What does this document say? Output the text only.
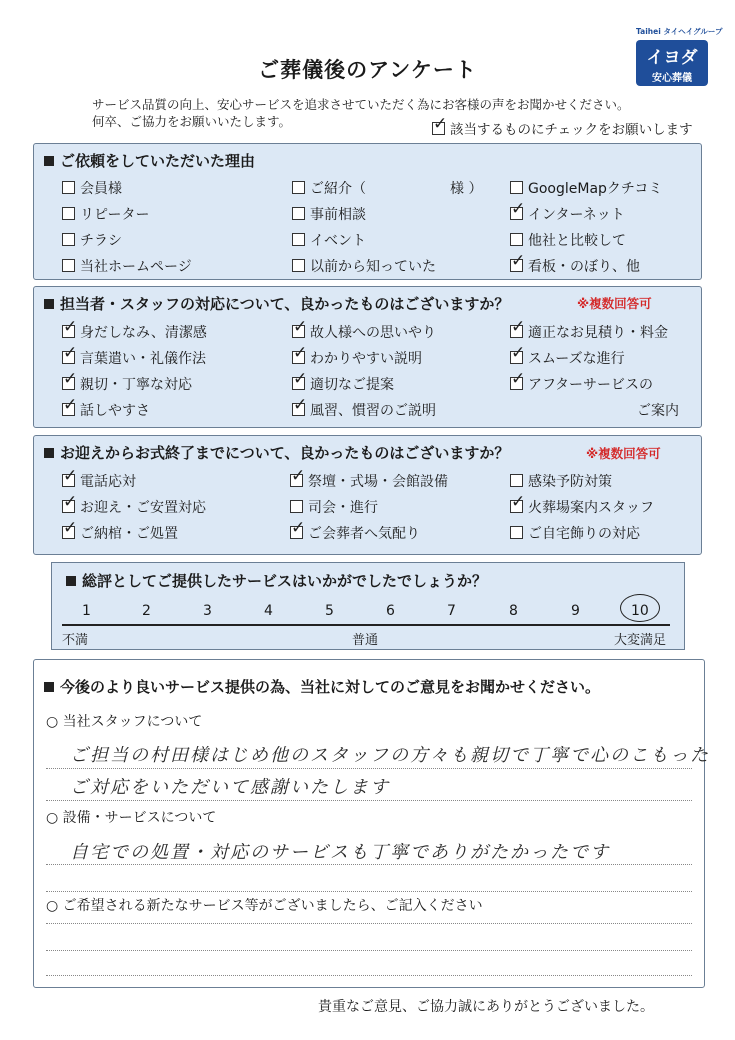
ご葬儀後のアンケート
サービス品質の向上、安心サービスを追求させていただく為にお客様の声をお聞かせください。
何卒、ご協力をお願いいたします。
Taihei タイヘイグループ
イヨダ
安心葬儀
✓該当するものにチェックをお願いします
ご依頼をしていただいた理由
会員様	ご紹介（　　　　　　様 ）	GoogleMapクチコミ
リピーター	事前相談 ✓	インターネット
チラシ	イベント	他社と比較して
当社ホームページ	以前から知っていた ✓	看板・のぼり、他
担当者・スタッフの対応について、良かったものはございますか？	※複数回答可
✓身だしなみ、清潔感 ✓	故人様への思いやり ✓	適正なお見積り・料金
✓言葉遣い・礼儀作法 ✓	わかりやすい説明 ✓	スムーズな進行
✓親切・丁寧な対応 ✓	適切なご提案 ✓	アフターサービスの
✓話しやすさ ✓	風習、慣習のご説明	ご案内
お迎えからお式終了までについて、良かったものはございますか？	※複数回答可
✓電話応対 ✓	祭壇・式場・会館設備	感染予防対策
✓お迎え・ご安置対応	司会・進行 ✓	火葬場案内スタッフ
✓ご納棺・ご処置 ✓	ご会葬者へ気配り	ご自宅飾りの対応
総評としてご提供したサービスはいかがでしたでしょうか？
1	2	3	4	5	6	7	8	9	10
不満	普通	大変満足
今後のより良いサービス提供の為、当社に対してのご意見をお聞かせください。
○ 当社スタッフについて
ご担当の村田様はじめ他のスタッフの方々も親切で丁寧で心のこもった
ご対応をいただいて感謝いたします
○ 設備・サービスについて
自宅での処置・対応のサービスも丁寧でありがたかったです
○ ご希望される新たなサービス等がございましたら、ご記入ください
貴重なご意見、ご協力誠にありがとうございました。
